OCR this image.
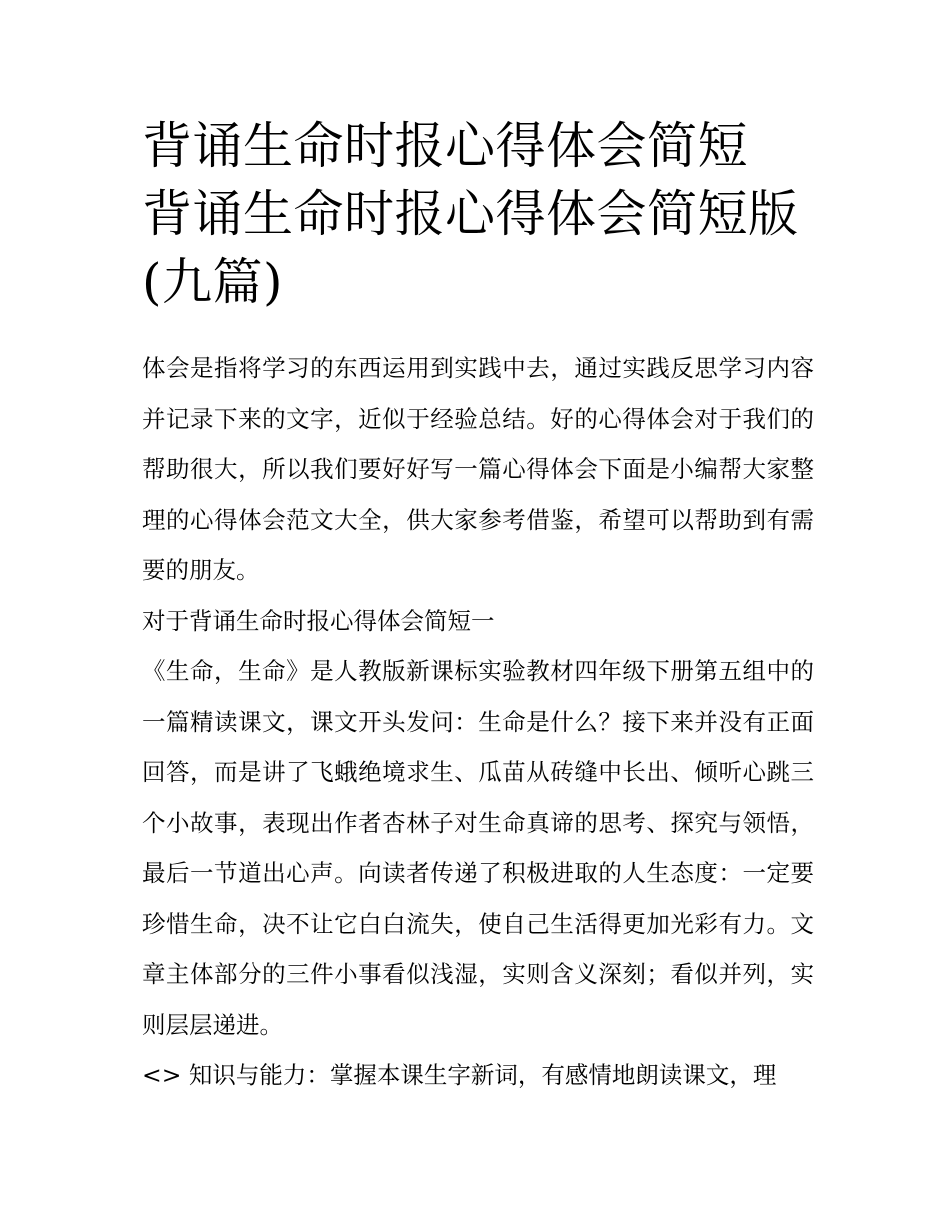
背诵生命时报心得体会简短 背诵生命时报心得体会简短版(九篇)

体会是指将学习的东西运用到实践中去，通过实践反思学习内容并记录下来的文字，近似于经验总结。好的心得体会对于我们的帮助很大，所以我们要好好写一篇心得体会下面是小编帮大家整理的心得体会范文大全，供大家参考借鉴，希望可以帮助到有需要的朋友。

对于背诵生命时报心得体会简短一

《生命，生命》是人教版新课标实验教材四年级下册第五组中的一篇精读课文，课文开头发问：生命是什么？接下来并没有正面回答，而是讲了飞蛾绝境求生、瓜苗从砖缝中长出、倾听心跳三个小故事，表现出作者杏林子对生命真谛的思考、探究与领悟，最后一节道出心声。向读者传递了积极进取的人生态度：一定要珍惜生命，决不让它白白流失，使自己生活得更加光彩有力。文章主体部分的三件小事看似浅湿，实则含义深刻；看似并列，实则层层递进。

<> 知识与能力：掌握本课生字新词，有感情地朗读课文，理
